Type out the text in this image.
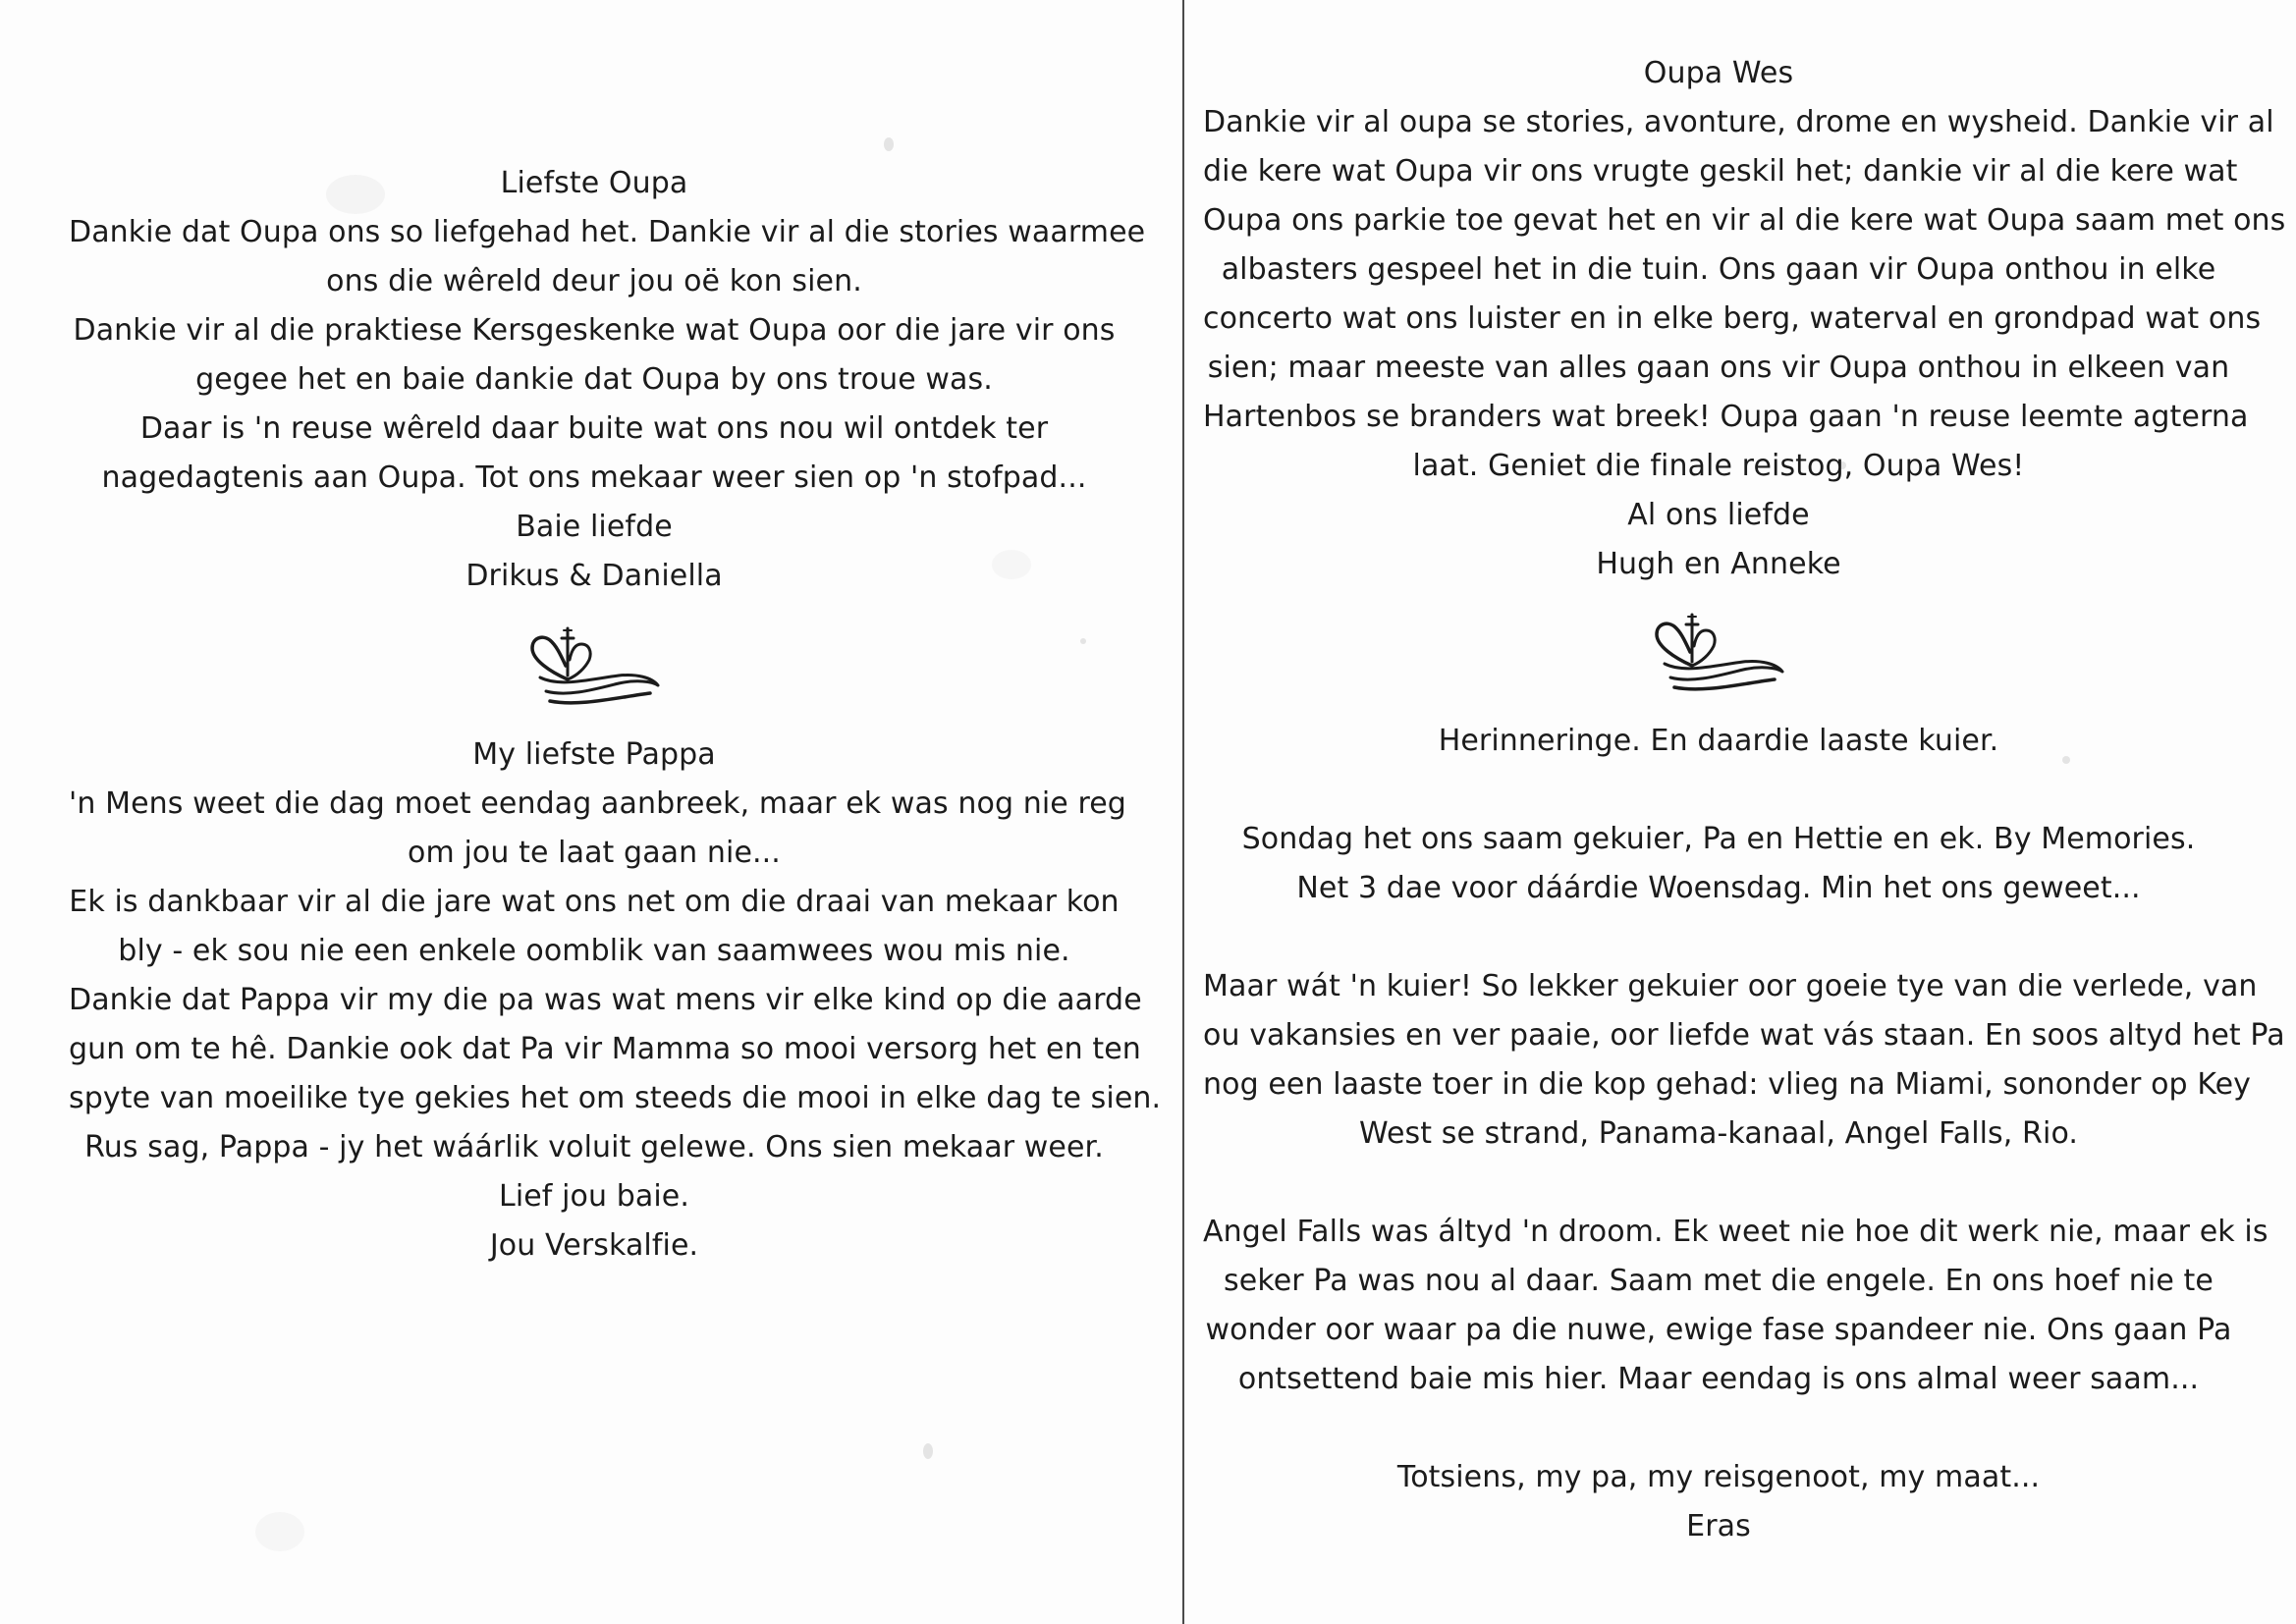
Liefste Oupa
Dankie dat Oupa ons so liefgehad het. Dankie vir al die stories waarmee
ons die wêreld deur jou oë kon sien.
Dankie vir al die praktiese Kersgeskenke wat Oupa oor die jare vir ons
gegee het en baie dankie dat Oupa by ons troue was.
Daar is 'n reuse wêreld daar buite wat ons nou wil ontdek ter
nagedagtenis aan Oupa. Tot ons mekaar weer sien op 'n stofpad...
Baie liefde
Drikus & Daniella
My liefste Pappa
'n Mens weet die dag moet eendag aanbreek, maar ek was nog nie reg
om jou te laat gaan nie...
Ek is dankbaar vir al die jare wat ons net om die draai van mekaar kon
bly - ek sou nie een enkele oomblik van saamwees wou mis nie.
Dankie dat Pappa vir my die pa was wat mens vir elke kind op die aarde
gun om te hê. Dankie ook dat Pa vir Mamma so mooi versorg het en ten
spyte van moeilike tye gekies het om steeds die mooi in elke dag te sien.
Rus sag, Pappa - jy het wáárlik voluit gelewe. Ons sien mekaar weer.
Lief jou baie.
Jou Verskalfie.
Oupa Wes
Dankie vir al oupa se stories, avonture, drome en wysheid. Dankie vir al
die kere wat Oupa vir ons vrugte geskil het; dankie vir al die kere wat
Oupa ons parkie toe gevat het en vir al die kere wat Oupa saam met ons
albasters gespeel het in die tuin. Ons gaan vir Oupa onthou in elke
concerto wat ons luister en in elke berg, waterval en grondpad wat ons
sien; maar meeste van alles gaan ons vir Oupa onthou in elkeen van
Hartenbos se branders wat breek! Oupa gaan 'n reuse leemte agterna
laat. Geniet die finale reistog, Oupa Wes!
Al ons liefde
Hugh en Anneke
Herinneringe. En daardie laaste kuier.
Sondag het ons saam gekuier, Pa en Hettie en ek. By Memories.
Net 3 dae voor dáárdie Woensdag. Min het ons geweet...
Maar wát 'n kuier! So lekker gekuier oor goeie tye van die verlede, van
ou vakansies en ver paaie, oor liefde wat vás staan. En soos altyd het Pa
nog een laaste toer in die kop gehad: vlieg na Miami, sononder op Key
West se strand, Panama-kanaal, Angel Falls, Rio.
Angel Falls was áltyd 'n droom. Ek weet nie hoe dit werk nie, maar ek is
seker Pa was nou al daar. Saam met die engele. En ons hoef nie te
wonder oor waar pa die nuwe, ewige fase spandeer nie. Ons gaan Pa
ontsettend baie mis hier. Maar eendag is ons almal weer saam...
Totsiens, my pa, my reisgenoot, my maat...
Eras
